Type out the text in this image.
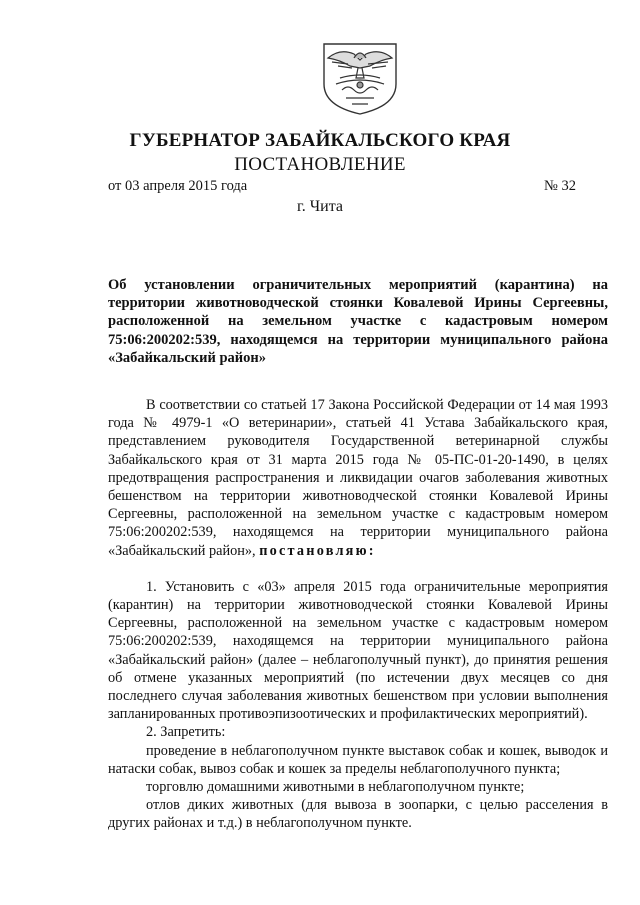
ГУБЕРНАТОР ЗАБАЙКАЛЬСКОГО КРАЯ
ПОСТАНОВЛЕНИЕ
от 03 апреля 2015 года	№ 32
г. Чита
Об установлении ограничительных мероприятий (карантина) на территории животноводческой стоянки Ковалевой Ирины Сергеевны, расположенной на земельном участке с кадастровым номером 75:06:200202:539, находящемся на территории муниципального района «Забайкальский район»

В соответствии со статьей 17 Закона Российской Федерации от 14 мая 1993 года № 4979-1 «О ветеринарии», статьей 41 Устава Забайкальского края, представлением руководителя Государственной ветеринарной службы Забайкальского края от 31 марта 2015 года № 05-ПС-01-20-1490, в целях предотвращения распространения и ликвидации очагов заболевания животных бешенством на территории животноводческой стоянки Ковалевой Ирины Сергеевны, расположенной на земельном участке с кадастровым номером 75:06:200202:539, находящемся на территории муниципального района «Забайкальский район», постановляю:

1. Установить с «03» апреля 2015 года ограничительные мероприятия (карантин) на территории животноводческой стоянки Ковалевой Ирины Сергеевны, расположенной на земельном участке с кадастровым номером 75:06:200202:539, находящемся на территории муниципального района «Забайкальский район» (далее – неблагополучный пункт), до принятия решения об отмене указанных мероприятий (по истечении двух месяцев со дня последнего случая заболевания животных бешенством при условии выполнения запланированных противоэпизоотических и профилактических мероприятий).

2. Запретить:

проведение в неблагополучном пункте выставок собак и кошек, выводок и натаски собак, вывоз собак и кошек за пределы неблагополучного пункта;

торговлю домашними животными в неблагополучном пункте;

отлов диких животных (для вывоза в зоопарки, с целью расселения в других районах и т.д.) в неблагополучном пункте.
